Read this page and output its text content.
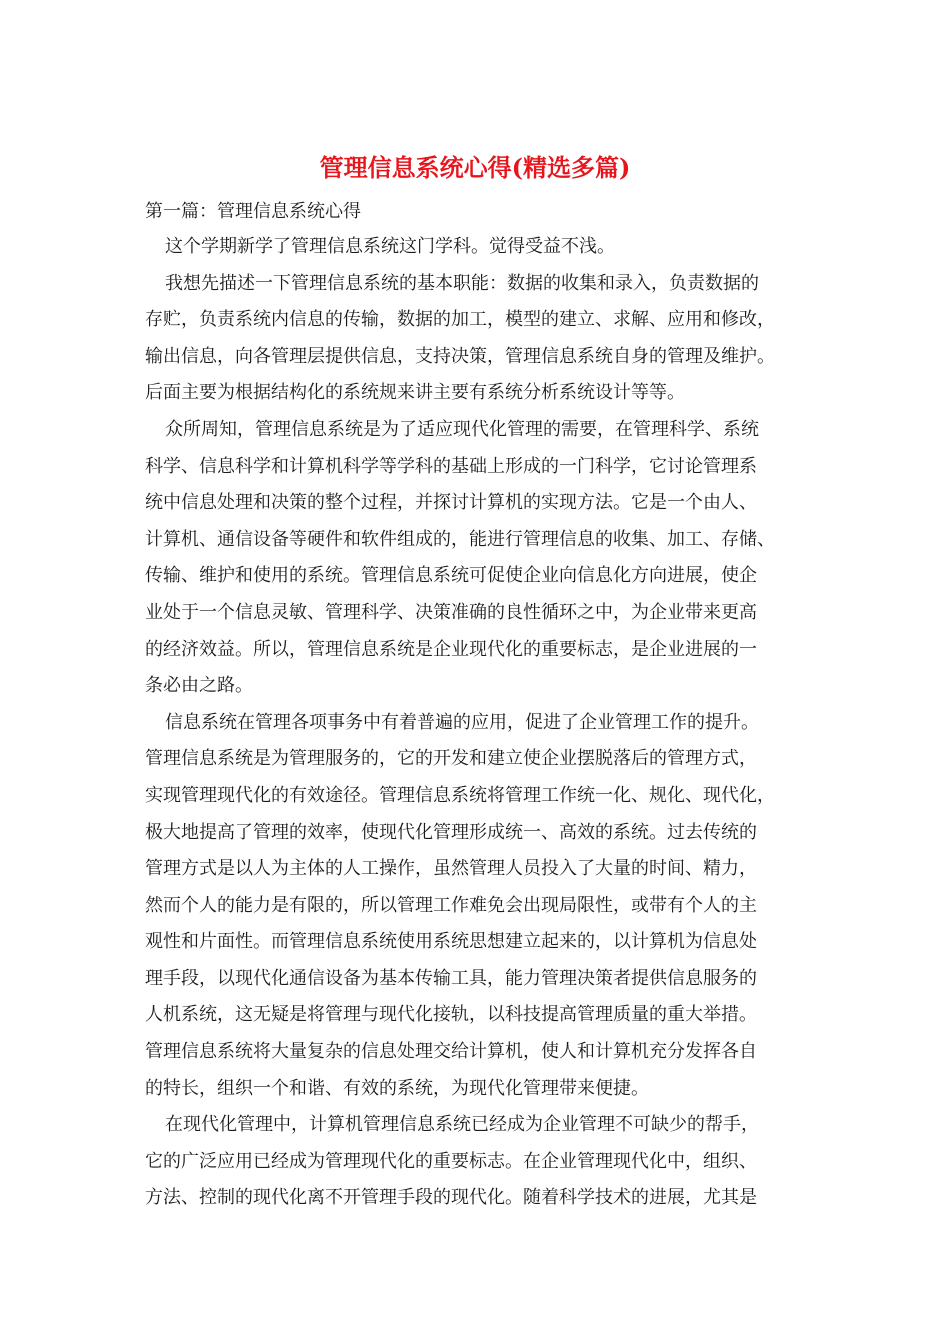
管理信息系统心得(精选多篇)
第一篇：管理信息系统心得
这个学期新学了管理信息系统这门学科。觉得受益不浅。
我想先描述一下管理信息系统的基本职能：数据的收集和录入，负责数据的
存贮，负责系统内信息的传输，数据的加工，模型的建立、求解、应用和修改，
输出信息，向各管理层提供信息，支持决策，管理信息系统自身的管理及维护。
后面主要为根据结构化的系统规来讲主要有系统分析系统设计等等。
众所周知，管理信息系统是为了适应现代化管理的需要，在管理科学、系统
科学、信息科学和计算机科学等学科的基础上形成的一门科学，它讨论管理系
统中信息处理和决策的整个过程，并探讨计算机的实现方法。它是一个由人、
计算机、通信设备等硬件和软件组成的，能进行管理信息的收集、加工、存储、
传输、维护和使用的系统。管理信息系统可促使企业向信息化方向进展，使企
业处于一个信息灵敏、管理科学、决策准确的良性循环之中，为企业带来更高
的经济效益。所以，管理信息系统是企业现代化的重要标志，是企业进展的一
条必由之路。
信息系统在管理各项事务中有着普遍的应用，促进了企业管理工作的提升。
管理信息系统是为管理服务的，它的开发和建立使企业摆脱落后的管理方式，
实现管理现代化的有效途径。管理信息系统将管理工作统一化、规化、现代化，
极大地提高了管理的效率，使现代化管理形成统一、高效的系统。过去传统的
管理方式是以人为主体的人工操作，虽然管理人员投入了大量的时间、精力，
然而个人的能力是有限的，所以管理工作难免会出现局限性，或带有个人的主
观性和片面性。而管理信息系统使用系统思想建立起来的，以计算机为信息处
理手段，以现代化通信设备为基本传输工具，能力管理决策者提供信息服务的
人机系统，这无疑是将管理与现代化接轨，以科技提高管理质量的重大举措。
管理信息系统将大量复杂的信息处理交给计算机，使人和计算机充分发挥各自
的特长，组织一个和谐、有效的系统，为现代化管理带来便捷。
在现代化管理中，计算机管理信息系统已经成为企业管理不可缺少的帮手，
它的广泛应用已经成为管理现代化的重要标志。在企业管理现代化中，组织、
方法、控制的现代化离不开管理手段的现代化。随着科学技术的进展，尤其是
